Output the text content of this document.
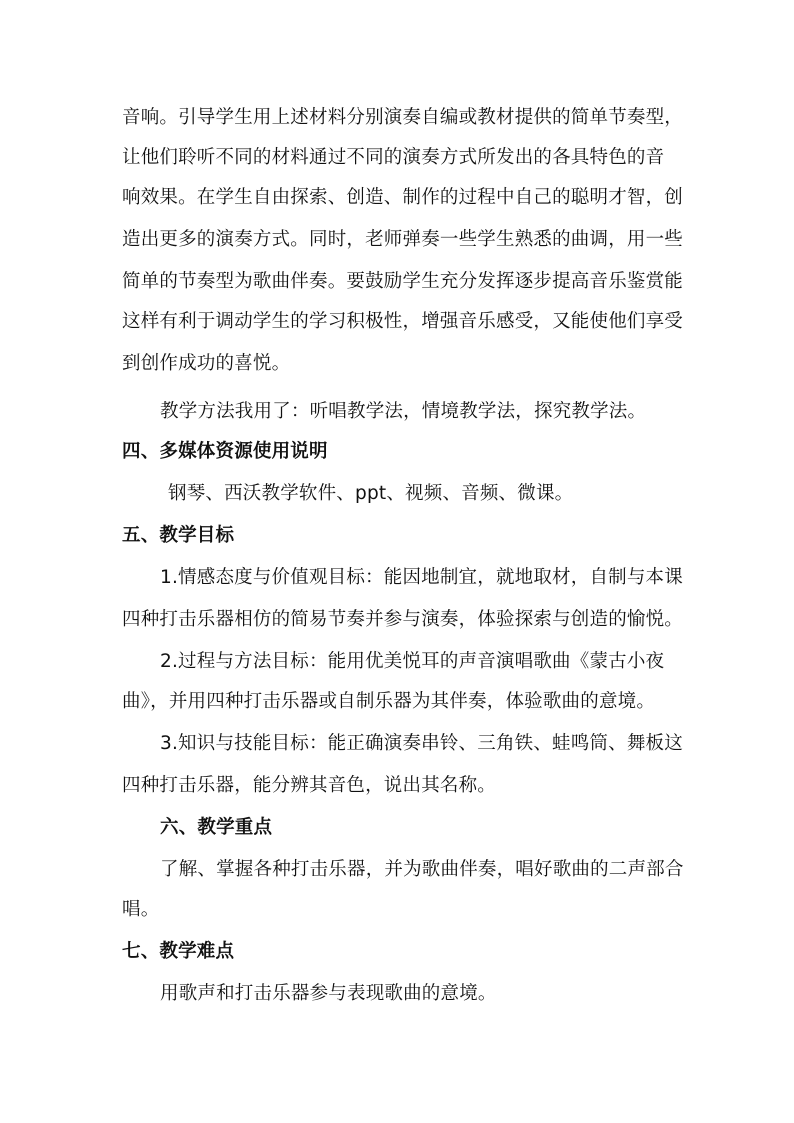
音响。引导学生用上述材料分别演奏自编或教材提供的简单节奏型，
让他们聆听不同的材料通过不同的演奏方式所发出的各具特色的音
响效果。在学生自由探索、创造、制作的过程中自己的聪明才智，创
造出更多的演奏方式。同时，老师弹奏一些学生熟悉的曲调，用一些
简单的节奏型为歌曲伴奏。要鼓励学生充分发挥逐步提高音乐鉴赏能
这样有利于调动学生的学习积极性，增强音乐感受，又能使他们享受
到创作成功的喜悦。
教学方法我用了：听唱教学法，情境教学法，探究教学法。
四、多媒体资源使用说明
钢琴、西沃教学软件、ppt、视频、音频、微课。
五、教学目标
1.情感态度与价值观目标：能因地制宜，就地取材，自制与本课
四种打击乐器相仿的简易节奏并参与演奏，体验探索与创造的愉悦。
2.过程与方法目标：能用优美悦耳的声音演唱歌曲《蒙古小夜
曲》，并用四种打击乐器或自制乐器为其伴奏，体验歌曲的意境。
3.知识与技能目标：能正确演奏串铃、三角铁、蛙鸣筒、舞板这
四种打击乐器，能分辨其音色，说出其名称。
六、教学重点
了解、掌握各种打击乐器，并为歌曲伴奏，唱好歌曲的二声部合
唱。
七、教学难点
用歌声和打击乐器参与表现歌曲的意境。
